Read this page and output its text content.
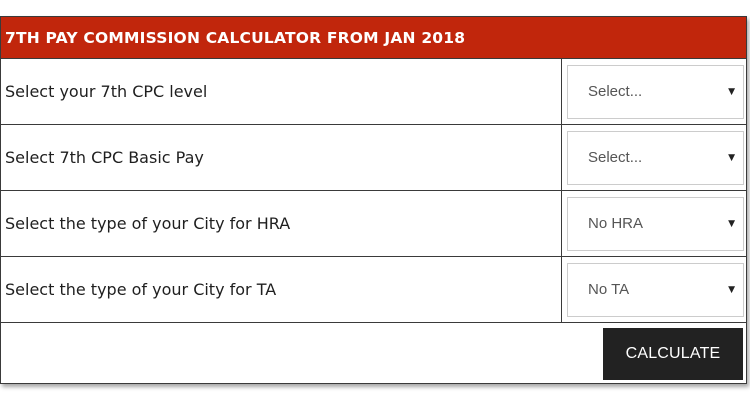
7TH PAY COMMISSION CALCULATOR FROM JAN 2018
Select your 7th CPC level	Select...	▼
Select 7th CPC Basic Pay	Select...	▼
Select the type of your City for HRA	No HRA	▼
Select the type of your City for TA	No TA	▼
CALCULATE
